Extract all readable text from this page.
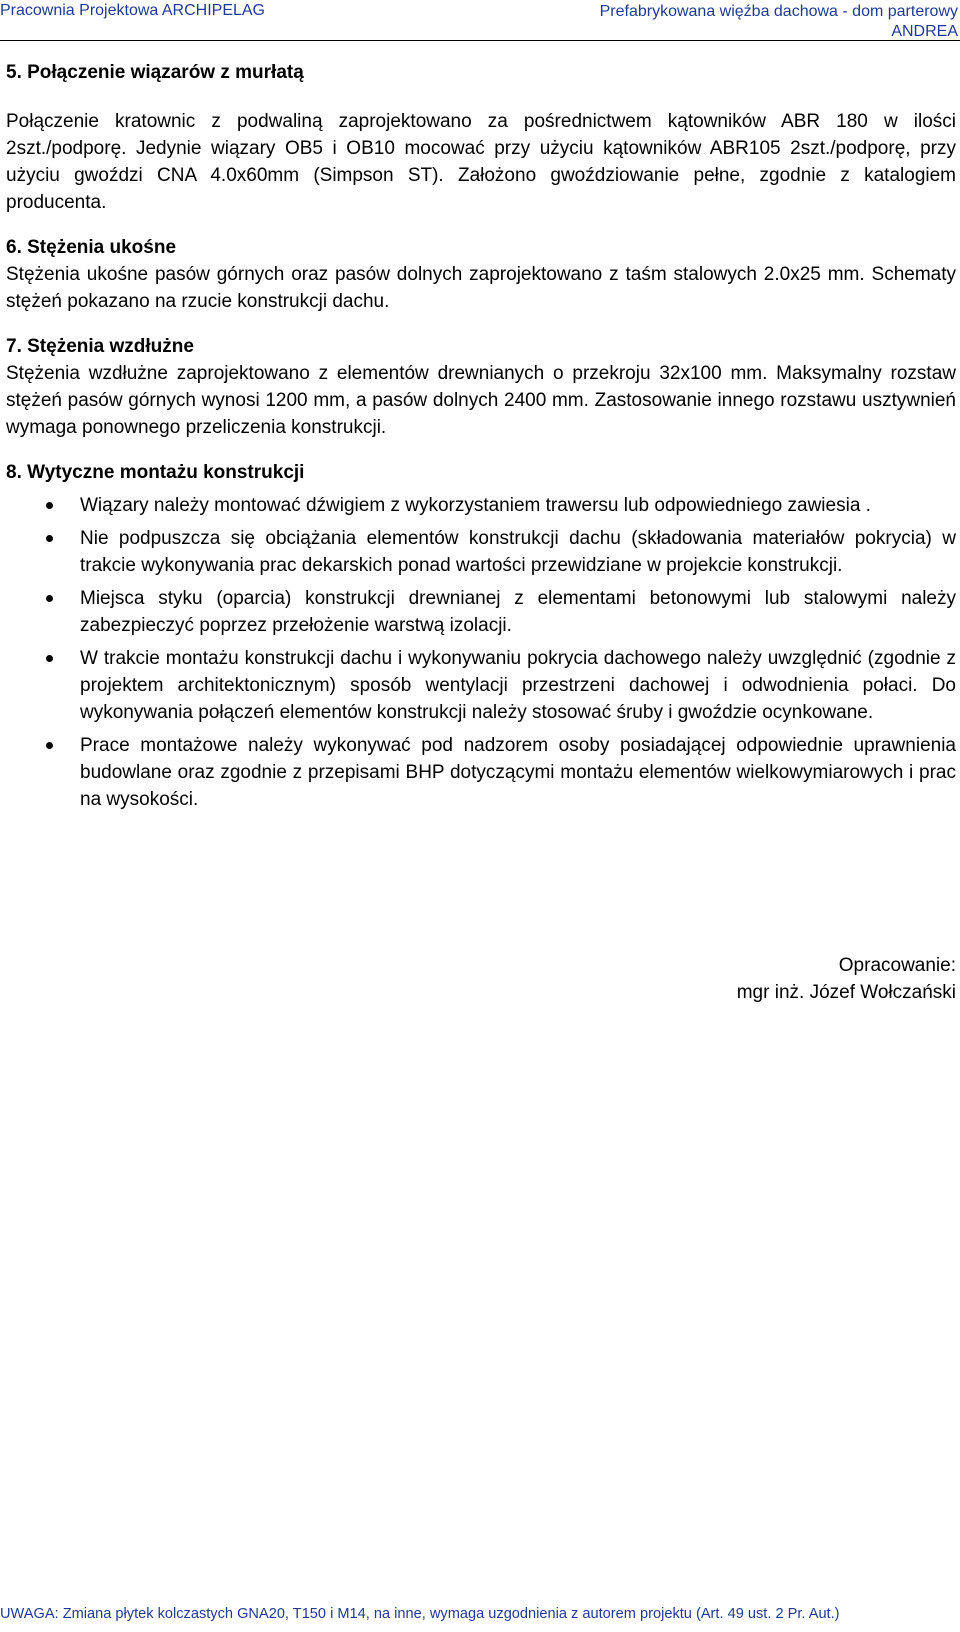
Pracownia Projektowa ARCHIPELAG	Prefabrykowana więźba dachowa - dom parterowy
ANDREA

5. Połączenie wiązarów z murłatą

Połączenie kratownic z podwaliną zaprojektowano za pośrednictwem kątowników ABR 180 w ilości 2szt./podporę. Jedynie wiązary OB5 i OB10 mocować przy użyciu kątowników ABR105 2szt./podporę, przy użyciu gwoździ CNA 4.0x60mm (Simpson ST). Założono gwoździowanie pełne, zgodnie z katalogiem producenta.

6. Stężenia ukośne

Stężenia ukośne pasów górnych oraz pasów dolnych zaprojektowano z taśm stalowych 2.0x25 mm. Schematy stężeń pokazano na rzucie konstrukcji dachu.

7. Stężenia wzdłużne

Stężenia wzdłużne zaprojektowano z elementów drewnianych o przekroju 32x100 mm. Maksymalny rozstaw stężeń pasów górnych wynosi 1200 mm, a pasów dolnych 2400 mm. Zastosowanie innego rozstawu usztywnień wymaga ponownego przeliczenia konstrukcji.

8. Wytyczne montażu konstrukcji

Wiązary należy montować dźwigiem z wykorzystaniem trawersu lub odpowiedniego zawiesia .
Nie podpuszcza się obciążania elementów konstrukcji dachu (składowania materiałów pokrycia) w trakcie wykonywania prac dekarskich ponad wartości przewidziane w projekcie konstrukcji.
Miejsca styku (oparcia) konstrukcji drewnianej z elementami betonowymi lub stalowymi należy zabezpieczyć poprzez przełożenie warstwą izolacji.
W trakcie montażu konstrukcji dachu i wykonywaniu pokrycia dachowego należy uwzględnić (zgodnie z projektem architektonicznym) sposób wentylacji przestrzeni dachowej i odwodnienia połaci. Do wykonywania połączeń elementów konstrukcji należy stosować śruby i gwoździe ocynkowane.
Prace montażowe należy wykonywać pod nadzorem osoby posiadającej odpowiednie uprawnienia budowlane oraz zgodnie z przepisami BHP dotyczącymi montażu elementów wielkowymiarowych i prac na wysokości.
Opracowanie:
mgr inż. Józef Wołczański
UWAGA: Zmiana płytek kolczastych GNA20, T150 i M14, na inne, wymaga uzgodnienia z autorem projektu (Art. 49 ust. 2 Pr. Aut.)
